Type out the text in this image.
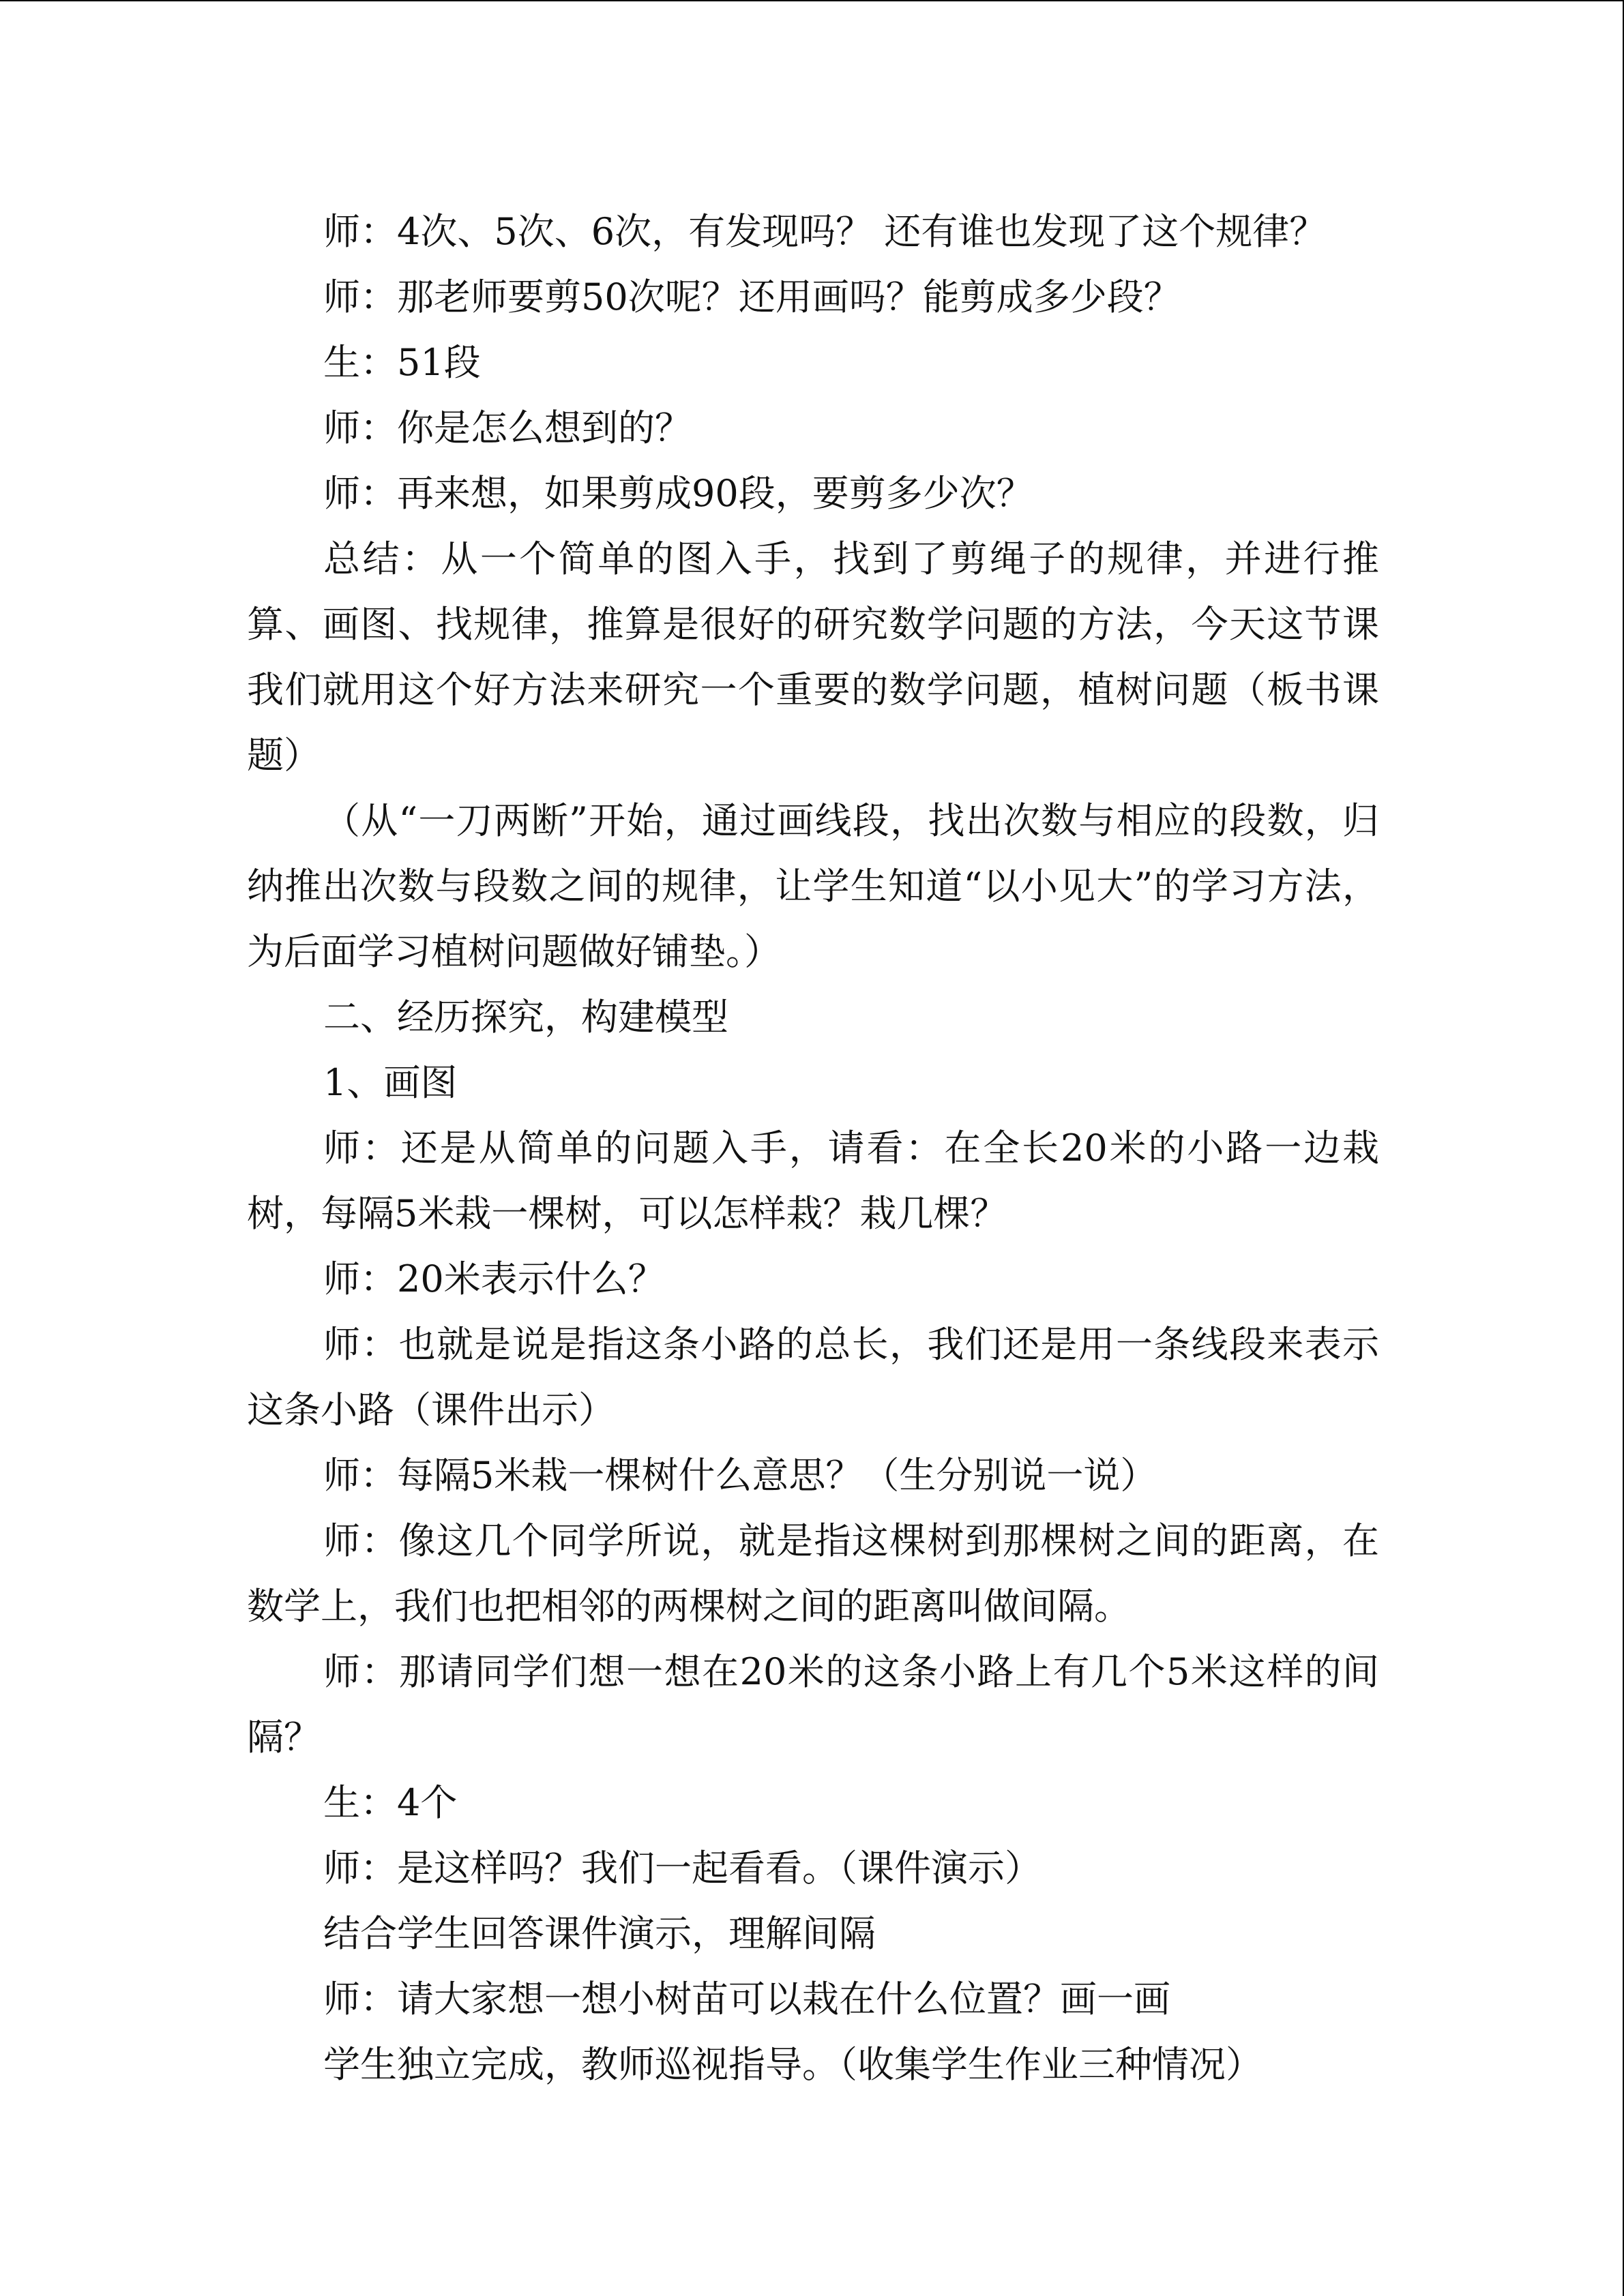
师：4次、5次、6次，有发现吗？ 还有谁也发现了这个规律？

师：那老师要剪50次呢？还用画吗？能剪成多少段？

生：51段

师：你是怎么想到的？

师：再来想，如果剪成90段，要剪多少次？

总结：从一个简单的图入手，找到了剪绳子的规律，并进行推算、画图、找规律，推算是很好的研究数学问题的方法，今天这节课我们就用这个好方法来研究一个重要的数学问题，植树问题（板书课题）

（从“一刀两断”开始，通过画线段，找出次数与相应的段数，归纳推出次数与段数之间的规律，让学生知道“以小见大”的学习方法，为后面学习植树问题做好铺垫。）

二、经历探究，构建模型

1、画图

师：还是从简单的问题入手，请看：在全长20米的小路一边栽树，每隔5米栽一棵树，可以怎样栽？栽几棵？

师：20米表示什么？

师：也就是说是指这条小路的总长，我们还是用一条线段来表示这条小路（课件出示）

师：每隔5米栽一棵树什么意思？（生分别说一说）

师：像这几个同学所说，就是指这棵树到那棵树之间的距离，在数学上，我们也把相邻的两棵树之间的距离叫做间隔。

师：那请同学们想一想在20米的这条小路上有几个5米这样的间隔？

生：4个

师：是这样吗？我们一起看看。（课件演示）

结合学生回答课件演示，理解间隔

师：请大家想一想小树苗可以栽在什么位置？画一画

学生独立完成，教师巡视指导。（收集学生作业三种情况）
